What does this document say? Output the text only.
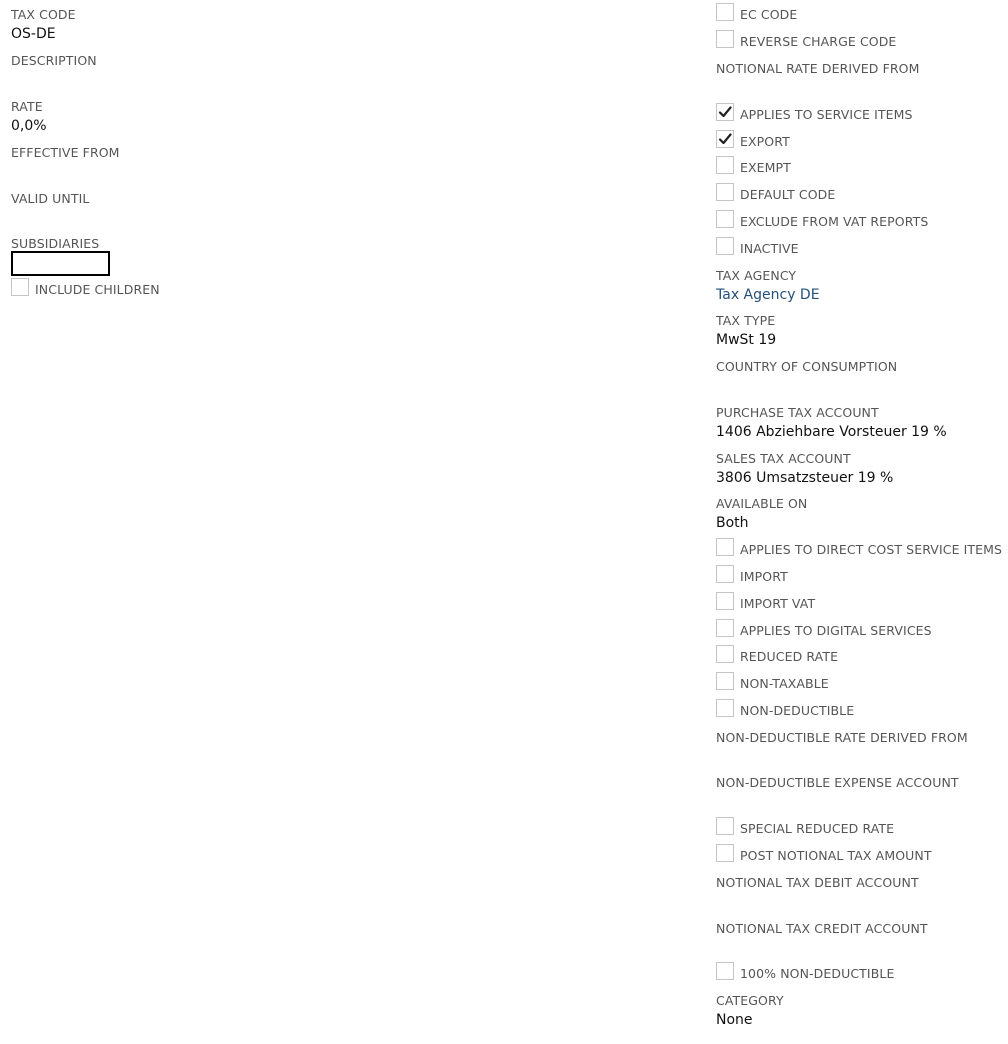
TAX CODE
OS-DE
DESCRIPTION
RATE
0,0%
EFFECTIVE FROM
VALID UNTIL
SUBSIDIARIES
INCLUDE CHILDREN
EC CODE
REVERSE CHARGE CODE
NOTIONAL RATE DERIVED FROM
APPLIES TO SERVICE ITEMS
EXPORT
EXEMPT
DEFAULT CODE
EXCLUDE FROM VAT REPORTS
INACTIVE
TAX AGENCY
Tax Agency DE
TAX TYPE
MwSt 19
COUNTRY OF CONSUMPTION
PURCHASE TAX ACCOUNT
1406 Abziehbare Vorsteuer 19 %
SALES TAX ACCOUNT
3806 Umsatzsteuer 19 %
AVAILABLE ON
Both
APPLIES TO DIRECT COST SERVICE ITEMS
IMPORT
IMPORT VAT
APPLIES TO DIGITAL SERVICES
REDUCED RATE
NON-TAXABLE
NON-DEDUCTIBLE
NON-DEDUCTIBLE RATE DERIVED FROM
NON-DEDUCTIBLE EXPENSE ACCOUNT
SPECIAL REDUCED RATE
POST NOTIONAL TAX AMOUNT
NOTIONAL TAX DEBIT ACCOUNT
NOTIONAL TAX CREDIT ACCOUNT
100% NON-DEDUCTIBLE
CATEGORY
None
